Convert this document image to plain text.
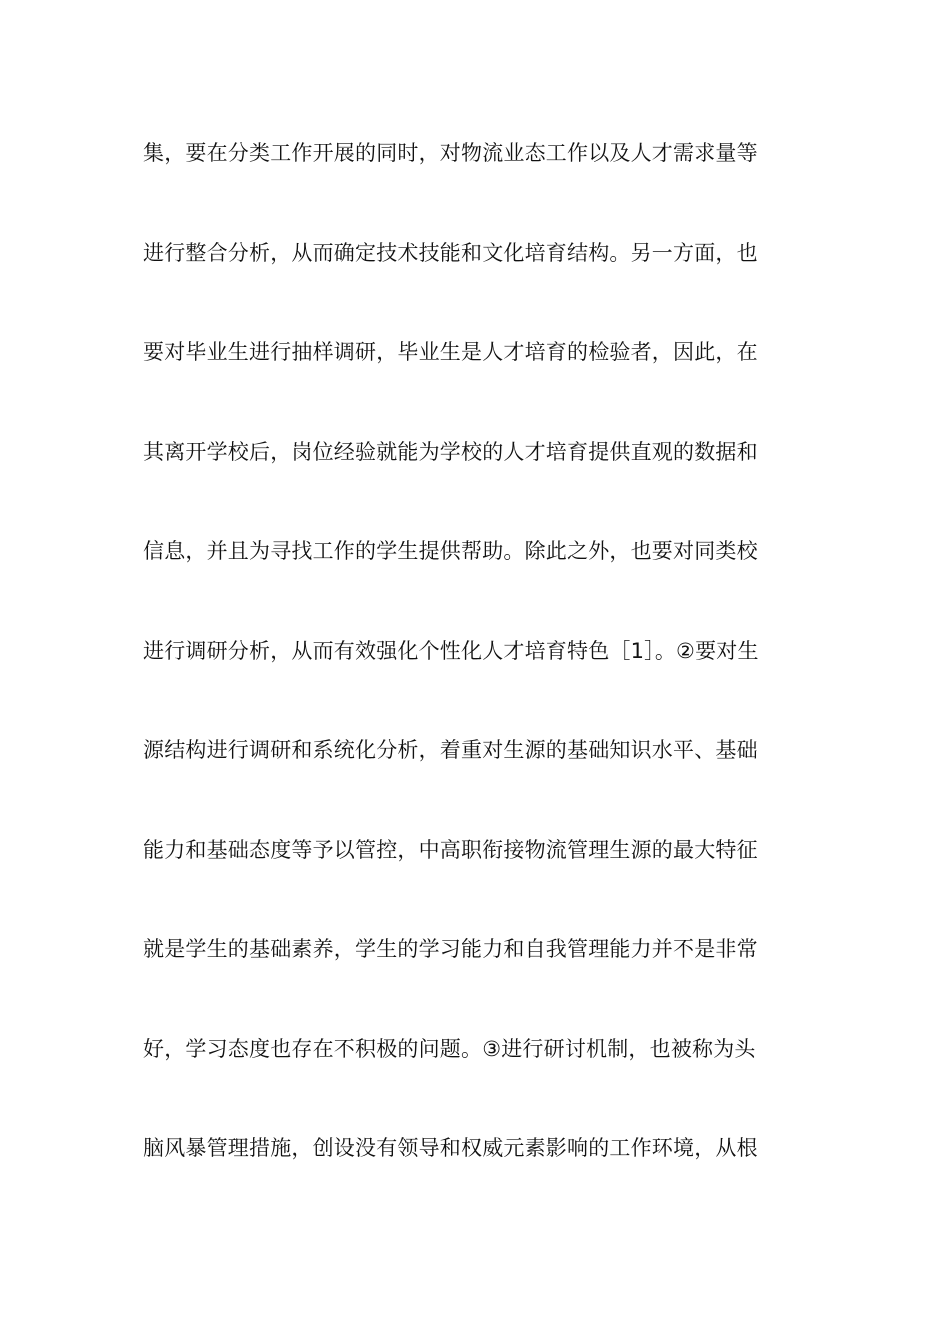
集，要在分类工作开展的同时，对物流业态工作以及人才需求量等
进行整合分析，从而确定技术技能和文化培育结构。另一方面，也
要对毕业生进行抽样调研，毕业生是人才培育的检验者，因此，在
其离开学校后，岗位经验就能为学校的人才培育提供直观的数据和
信息，并且为寻找工作的学生提供帮助。除此之外，也要对同类校
进行调研分析，从而有效强化个性化人才培育特色［1］。②要对生
源结构进行调研和系统化分析，着重对生源的基础知识水平、基础
能力和基础态度等予以管控，中高职衔接物流管理生源的最大特征
就是学生的基础素养，学生的学习能力和自我管理能力并不是非常
好，学习态度也存在不积极的问题。③进行研讨机制，也被称为头
脑风暴管理措施，创设没有领导和权威元素影响的工作环境，从根
